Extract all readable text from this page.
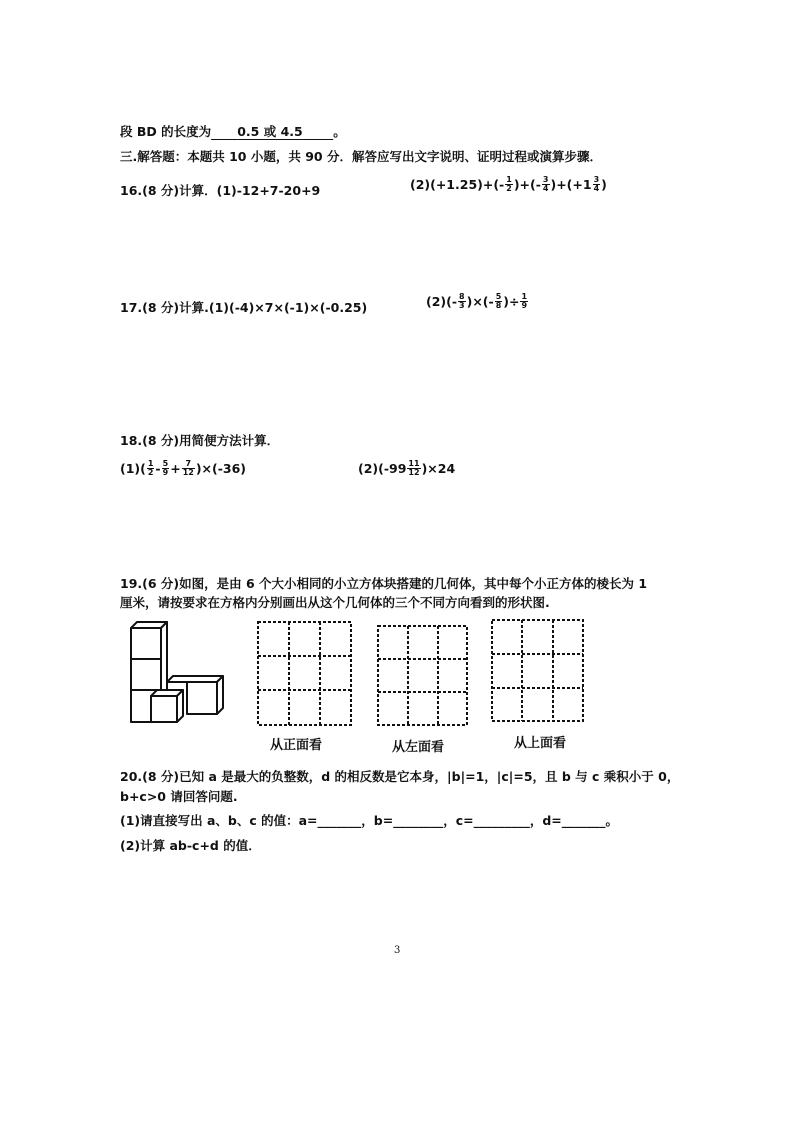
段 BD 的长度为 0.5 或 4.5 。
三.解答题：本题共 10 小题，共 90 分．解答应写出文字说明、证明过程或演算步骤．
16.(8 分)计算．(1)-12+7-20+9	$(2)(+1.25)+(- \frac{1}{2}$ )+(- $\frac{3}{4} )+(+1 \frac{3}{4}$ )
17.(8 分)计算.(1)(-4)×7×(-1)×(-0.25)	$(2)(- \frac{8}{3}$ )×(- $\frac{5}{8}$ )÷ $\frac{1}{9}$
18.(8 分)用简便方法计算．
$(1)( \frac{1}{2} - \frac{5}{9} + \frac{7}{12} )\times(-36)$	$(2)(-99 \frac{11}{12} )\times 24$
19.(6 分)如图，是由 6 个大小相同的小立方体块搭建的几何体，其中每个小正方体的棱长为 1
厘米，请按要求在方格内分别画出从这个几何体的三个不同方向看到的形状图.
从正面看	从左面看	从上面看
20.(8 分)已知 a 是最大的负整数，d 的相反数是它本身，|b|=1，|c|=5，且 b 与 c 乘积小于 0，
b+c>0 请回答问题.
(1)请直接写出 a、b、c 的值：a=_______，b=________，c=_________，d=_______。
(2)计算 ab-c+d 的值．
3
